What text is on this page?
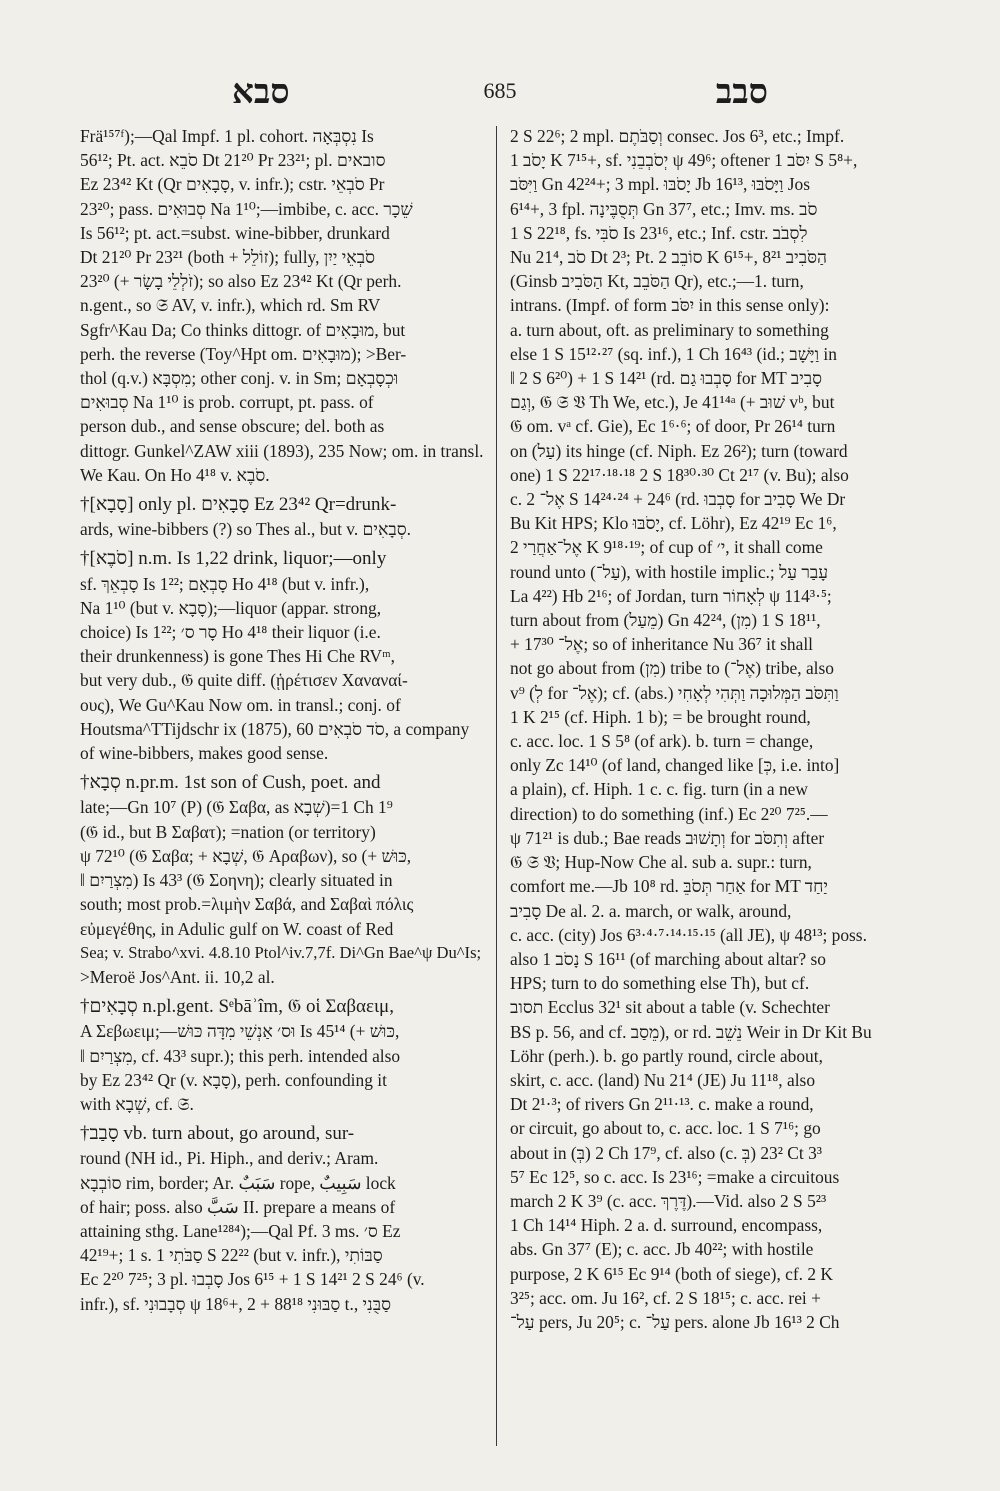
סבא	685	סבב
Frä¹⁵⁷ᶠ);—Qal Impf. 1 pl. cohort. נִסְבְּאָה Is
56¹²; Pt. act. סֹבֵא Dt 21²⁰ Pr 23²¹; pl. סובאים
Ez 23⁴² Kt (Qr סָבָאִים, v. infr.); cstr. סֹבְאֵי Pr
23²⁰; pass. סְבוּאִים Na 1¹⁰;—imbibe, c. acc. שֵׁכָר
Is 56¹²; pt. act.=subst. wine-bibber, drunkard
Dt 21²⁰ Pr 23²¹ (both + זוֹלֵל); fully, סֹבְאֵי יַיִן
23²⁰ (+ זֹלְלֵי בָשָׂר); so also Ez 23⁴² Kt (Qr perh.
n.gent., so 𝔖 AV, v. infr.), which rd. Sm RV
Sgfr^Kau Da; Co thinks dittogr. of מוּבָאִים, but
perh. the reverse (Toy^Hpt om. מוּבָאִים); >Ber-
thol (q.v.) מִסְבָּא; other conj. v. in Sm; וּכְסָבְאָם
סְבוּאִים Na 1¹⁰ is prob. corrupt, pt. pass. of
person dub., and sense obscure; del. both as
dittogr. Gunkel^ZAW xiii (1893), 235 Now; om. in transl.
We Kau. On Ho 4¹⁸ v. סֹבֶא.
†[סָבָא] only pl. סָבָאִים Ez 23⁴² Qr=drunk-
ards, wine-bibbers (?) so Thes al., but v. סְבָאִים.
†[סֹבֶא] n.m. Is 1,22 drink, liquor;—only
sf. סָבְאֵךְ Is 1²²; סָבְאָם Ho 4¹⁸ (but v. infr.),
Na 1¹⁰ (but v. סָבָא);—liquor (appar. strong,
choice) Is 1²²; סָר ס׳ Ho 4¹⁸ their liquor (i.e.
their drunkenness) is gone Thes Hi Che RVᵐ,
but very dub., 𝔊 quite diff. (ᾑρέτισεν Χαναναί-
ους), We Gu^Kau Now om. in transl.; conj. of
Houtsma^TTijdschr ix (1875), 60 סֹד סֹבְאִים, a company
of wine-bibbers, makes good sense.
†סְבָא n.pr.m. 1st son of Cush, poet. and
late;—Gn 10⁷ (P) (𝔊 Σαβα, as שְׁבָא)=1 Ch 1⁹
(𝔊 id., but B Σαβατ); =nation (or territory)
ψ 72¹⁰ (𝔊 Σαβα; + שְׁבָא, 𝔊 Αραβων), so (+ כּוּשׁ,
‖ מִצְרַיִם) Is 43³ (𝔊 Σοηνη); clearly situated in
south; most prob.=λιμὴν Σαβά, and Σαβαὶ πόλις
εὐμεγέθης, in Adulic gulf on W. coast of Red
Sea; v. Strabo^xvi. 4.8.10 Ptol^iv.7,7f. Di^Gn Bae^ψ Du^Is;
>Meroë Jos^Ant. ii. 10,2 al.
†סְבָאִים n.pl.gent. Sᵉbāʾîm, 𝔊 οἱ Σαβαειμ,
A Σεβωειμ;—וּס׳ אַנְשֵׁי מִדָּה כּוּשׁ Is 45¹⁴ (+ כּוּשׁ,
‖ מִצְרַיִם, cf. 43³ supr.); this perh. intended also
by Ez 23⁴² Qr (v. סָבָא), perh. confounding it
with שְׁבָא, cf. 𝔖.
†סָבַב vb. turn about, go around, sur-
round (NH id., Pi. Hiph., and deriv.; Aram.
סוֹבְבָא rim, border; Ar. سَبَبٌ rope, سَبِيبٌ lock
of hair; poss. also سَبَّ II. prepare a means of
attaining sthg. Lane¹²⁸⁴);—Qal Pf. 3 ms. ס׳ Ez
42¹⁹+; 1 s. סַבֹּתִי 1 S 22²² (but v. infr.), סַבּוֹתִי
Ec 2²⁰ 7²⁵; 3 pl. סָבְבוּ Jos 6¹⁵ + 1 S 14²¹ 2 S 24⁶ (v.
infr.), sf. סְבָבוּנִי ψ 18⁶+, סַבּוּנִי 88¹⁸ + 2 t., סַבֻּנִי
2 S 22⁶; 2 mpl. וְסַבֹּתֶם consec. Jos 6³, etc.; Impf.
יָסֹב 1 K 7¹⁵+, sf. יְסֹבְבֵנִי ψ 49⁶; oftener יִסֹּב 1 S 5⁸+,
וַיִּסֹּב Gn 42²⁴+; 3 mpl. יָסֹבּוּ Jb 16¹³, וַיָּסֹבּוּ Jos
6¹⁴+, 3 fpl. תְּסֻבֶּינָה Gn 37⁷, etc.; Imv. ms. סֹב
1 S 22¹⁸, fs. סֹבִּי Is 23¹⁶, etc.; Inf. cstr. לִסְבֹב
Nu 21⁴, סֹב Dt 2³; Pt. סוֹבֵב 2 K 6¹⁵+, הַסֹּבִיב 8²¹
(Ginsb הַסֹּבִיב Kt, הַסֹּבֵב Qr), etc.;—1. turn,
intrans. (Impf. of form יִסֹּב in this sense only):
a. turn about, oft. as preliminary to something
else 1 S 15¹²·²⁷ (sq. inf.), 1 Ch 16⁴³ (id.; וַיָּשָׁב in
‖ 2 S 6²⁰) + 1 S 14²¹ (rd. סָבְבוּ גַם for MT סָבִיב
וְגַם, 𝔊 𝔖 𝔙 Th We, etc.), Je 41¹⁴ᵃ (+ שׁוּב vᵇ, but
𝔊 om. vᵃ cf. Gie), Ec 1⁶·⁶; of door, Pr 26¹⁴ turn
on (עַל) its hinge (cf. Niph. Ez 26²); turn (toward
one) 1 S 22¹⁷·¹⁸·¹⁸ 2 S 18³⁰·³⁰ Ct 2¹⁷ (v. Bu); also
c. אֶל־ 2 S 14²⁴·²⁴ + 24⁶ (rd. סָבְבוּ for סָבִיב We Dr
Bu Kit HPS; Klo יָסֹבּוּ, cf. Löhr), Ez 42¹⁹ Ec 1⁶,
אֶל־אַחֲרַי 2 K 9¹⁸·¹⁹; of cup of י׳, it shall come
round unto (עַל־), with hostile implic.; עָבַר עַל
La 4²²) Hb 2¹⁶; of Jordan, turn לְאָחוֹר ψ 114³·⁵;
turn about from (מֵעַל) Gn 42²⁴, (מִן) 1 S 18¹¹,
+ אֶל־ 17³⁰; so of inheritance Nu 36⁷ it shall
not go about from (מִן) tribe to (אֶל־) tribe, also
v⁹ (לְ for אֶל־); cf. (abs.) וַתִּסֹּב הַמְּלוּכָה וַתְּהִי לְאָחִי
1 K 2¹⁵ (cf. Hiph. 1 b); = be brought round,
c. acc. loc. 1 S 5⁸ (of ark). b. turn = change,
only Zc 14¹⁰ (of land, changed like [כְּ, i.e. into]
a plain), cf. Hiph. 1 c. c. fig. turn (in a new
direction) to do something (inf.) Ec 2²⁰ 7²⁵.—
ψ 71²¹ is dub.; Bae reads וְתָשׁוּב for וְתִסֹּב after
𝔊 𝔖 𝔙; Hup-Now Che al. sub a. supr.: turn,
comfort me.—Jb 10⁸ rd. אַחַר תְּסֹבֵּ for MT יַחַד
סָבִיב De al. 2. a. march, or walk, around,
c. acc. (city) Jos 6³·⁴·⁷·¹⁴·¹⁵·¹⁵ (all JE), ψ 48¹³; poss.
also נָסֹב 1 S 16¹¹ (of marching about altar? so
HPS; turn to do something else Th), but cf.
תסוב Ecclus 32¹ sit about a table (v. Schechter
BS p. 56, and cf. מֵסַב), or rd. נֵשֵׁב Weir in Dr Kit Bu
Löhr (perh.). b. go partly round, circle about,
skirt, c. acc. (land) Nu 21⁴ (JE) Ju 11¹⁸, also
Dt 2¹·³; of rivers Gn 2¹¹·¹³. c. make a round,
or circuit, go about to, c. acc. loc. 1 S 7¹⁶; go
about in (בְּ) 2 Ch 17⁹, cf. also (c. בְּ) 23² Ct 3³
5⁷ Ec 12⁵, so c. acc. Is 23¹⁶; =make a circuitous
march 2 K 3⁹ (c. acc. דֶּרֶךְ).—Vid. also 2 S 5²³
1 Ch 14¹⁴ Hiph. 2 a. d. surround, encompass,
abs. Gn 37⁷ (E); c. acc. Jb 40²²; with hostile
purpose, 2 K 6¹⁵ Ec 9¹⁴ (both of siege), cf. 2 K
3²⁵; acc. om. Ju 16², cf. 2 S 18¹⁵; c. acc. rei +
עַל־ pers, Ju 20⁵; c. עַל־ pers. alone Jb 16¹³ 2 Ch
